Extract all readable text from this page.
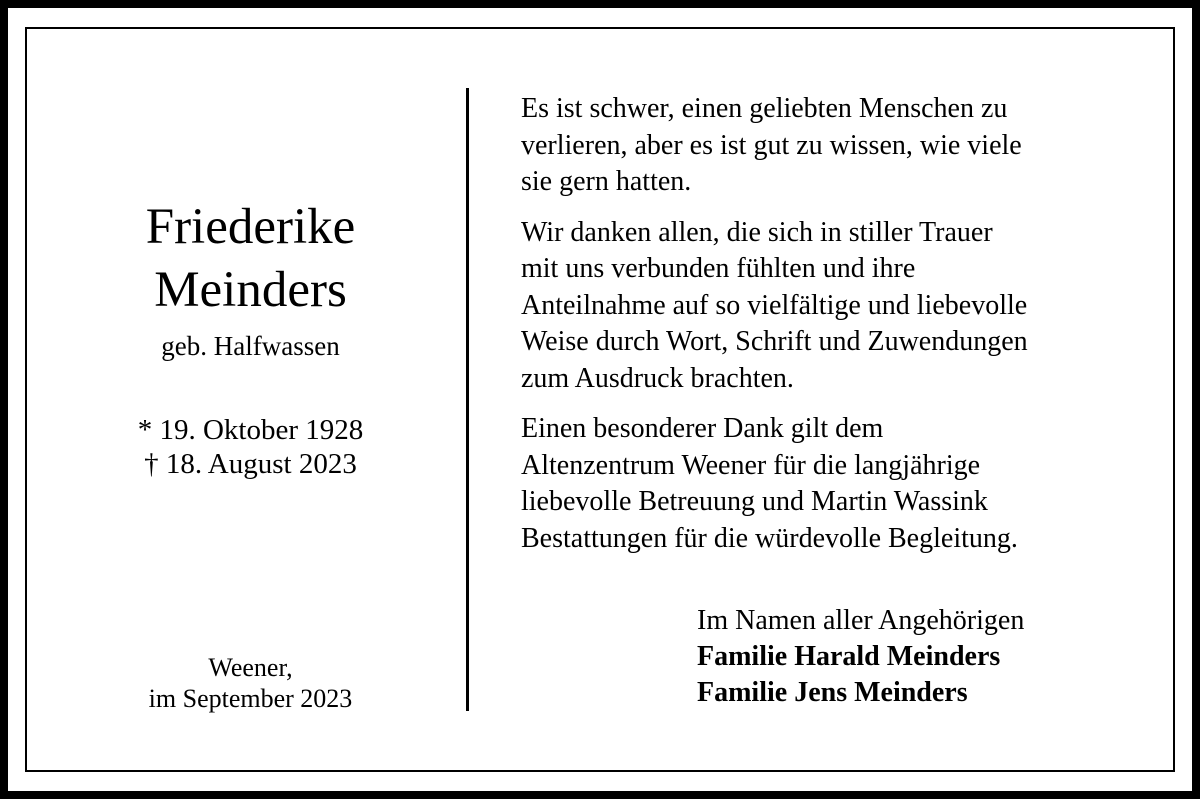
Friederike
Meinders
geb. Halfwassen
* 19. Oktober 1928
† 18. August 2023
Weener,
im September 2023

Es ist schwer, einen geliebten Menschen zu
verlieren, aber es ist gut zu wissen, wie viele
sie gern hatten.

Wir danken allen, die sich in stiller Trauer
mit uns verbunden fühlten und ihre
Anteilnahme auf so vielfältige und liebevolle
Weise durch Wort, Schrift und Zuwendungen
zum Ausdruck brachten.

Einen besonderer Dank gilt dem
Altenzentrum Weener für die langjährige
liebevolle Betreuung und Martin Wassink
Bestattungen für die würdevolle Begleitung.

Im Namen aller Angehörigen
Familie Harald Meinders
Familie Jens Meinders
